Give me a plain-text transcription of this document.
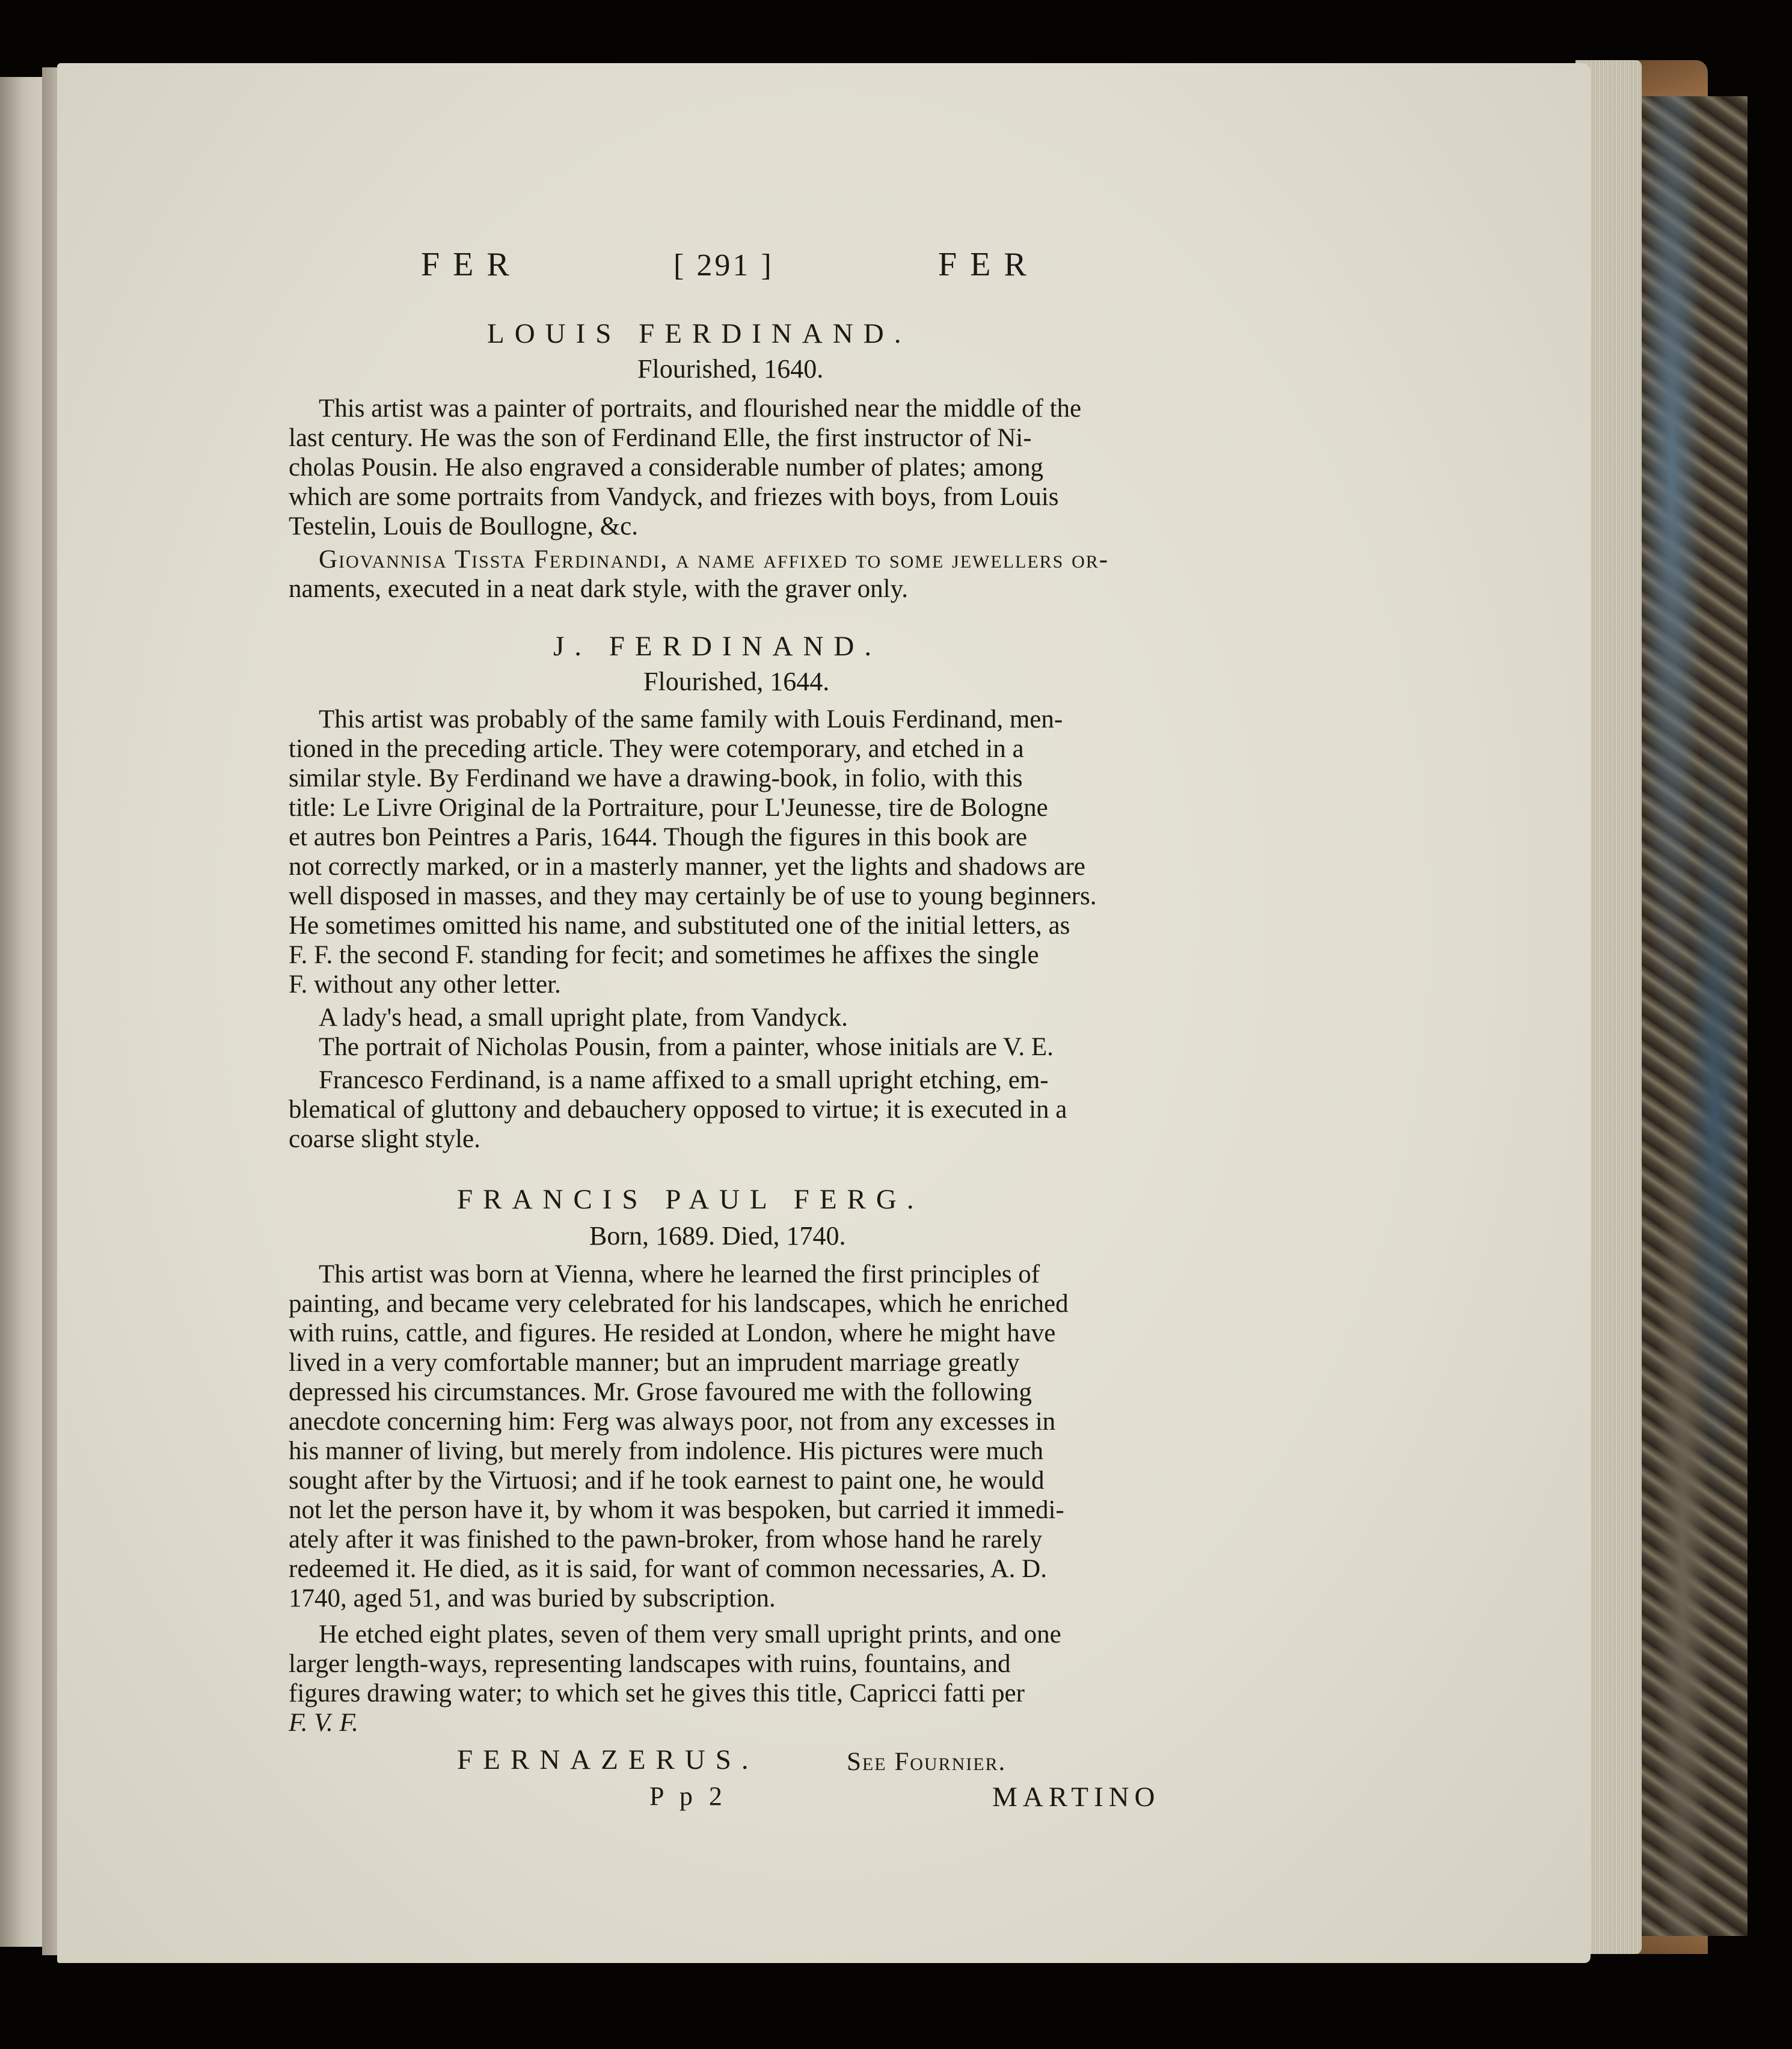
FER	[ 291 ]	FER
LOUIS FERDINAND.
Flourished, 1640.
This artist was a painter of portraits, and flourished near the middle of the
last century. He was the son of Ferdinand Elle, the first instructor of Ni-
cholas Pousin. He also engraved a considerable number of plates; among
which are some portraits from Vandyck, and friezes with boys, from Louis
Testelin, Louis de Boullogne, &c.
Giovannisa Tissta Ferdinandi, a name affixed to some jewellers or-
naments, executed in a neat dark style, with the graver only.
J. FERDINAND.
Flourished, 1644.
This artist was probably of the same family with Louis Ferdinand, men-
tioned in the preceding article. They were cotemporary, and etched in a
similar style. By Ferdinand we have a drawing-book, in folio, with this
title: Le Livre Original de la Portraiture, pour L'Jeunesse, tire de Bologne
et autres bon Peintres a Paris, 1644. Though the figures in this book are
not correctly marked, or in a masterly manner, yet the lights and shadows are
well disposed in masses, and they may certainly be of use to young beginners.
He sometimes omitted his name, and substituted one of the initial letters, as
F. F. the second F. standing for fecit; and sometimes he affixes the single
F. without any other letter.
A lady's head, a small upright plate, from Vandyck.
The portrait of Nicholas Pousin, from a painter, whose initials are V. E.
Francesco Ferdinand, is a name affixed to a small upright etching, em-
blematical of gluttony and debauchery opposed to virtue; it is executed in a
coarse slight style.
FRANCIS PAUL FERG.
Born, 1689. Died, 1740.
This artist was born at Vienna, where he learned the first principles of
painting, and became very celebrated for his landscapes, which he enriched
with ruins, cattle, and figures. He resided at London, where he might have
lived in a very comfortable manner; but an imprudent marriage greatly
depressed his circumstances. Mr. Grose favoured me with the following
anecdote concerning him: Ferg was always poor, not from any excesses in
his manner of living, but merely from indolence. His pictures were much
sought after by the Virtuosi; and if he took earnest to paint one, he would
not let the person have it, by whom it was bespoken, but carried it immedi-
ately after it was finished to the pawn-broker, from whose hand he rarely
redeemed it. He died, as it is said, for want of common necessaries, A. D.
1740, aged 51, and was buried by subscription.
He etched eight plates, seven of them very small upright prints, and one
larger length-ways, representing landscapes with ruins, fountains, and
figures drawing water; to which set he gives this title, Capricci fatti per
F. V. F.
FERNAZERUS.	See Fournier.
P p 2	MARTINO
